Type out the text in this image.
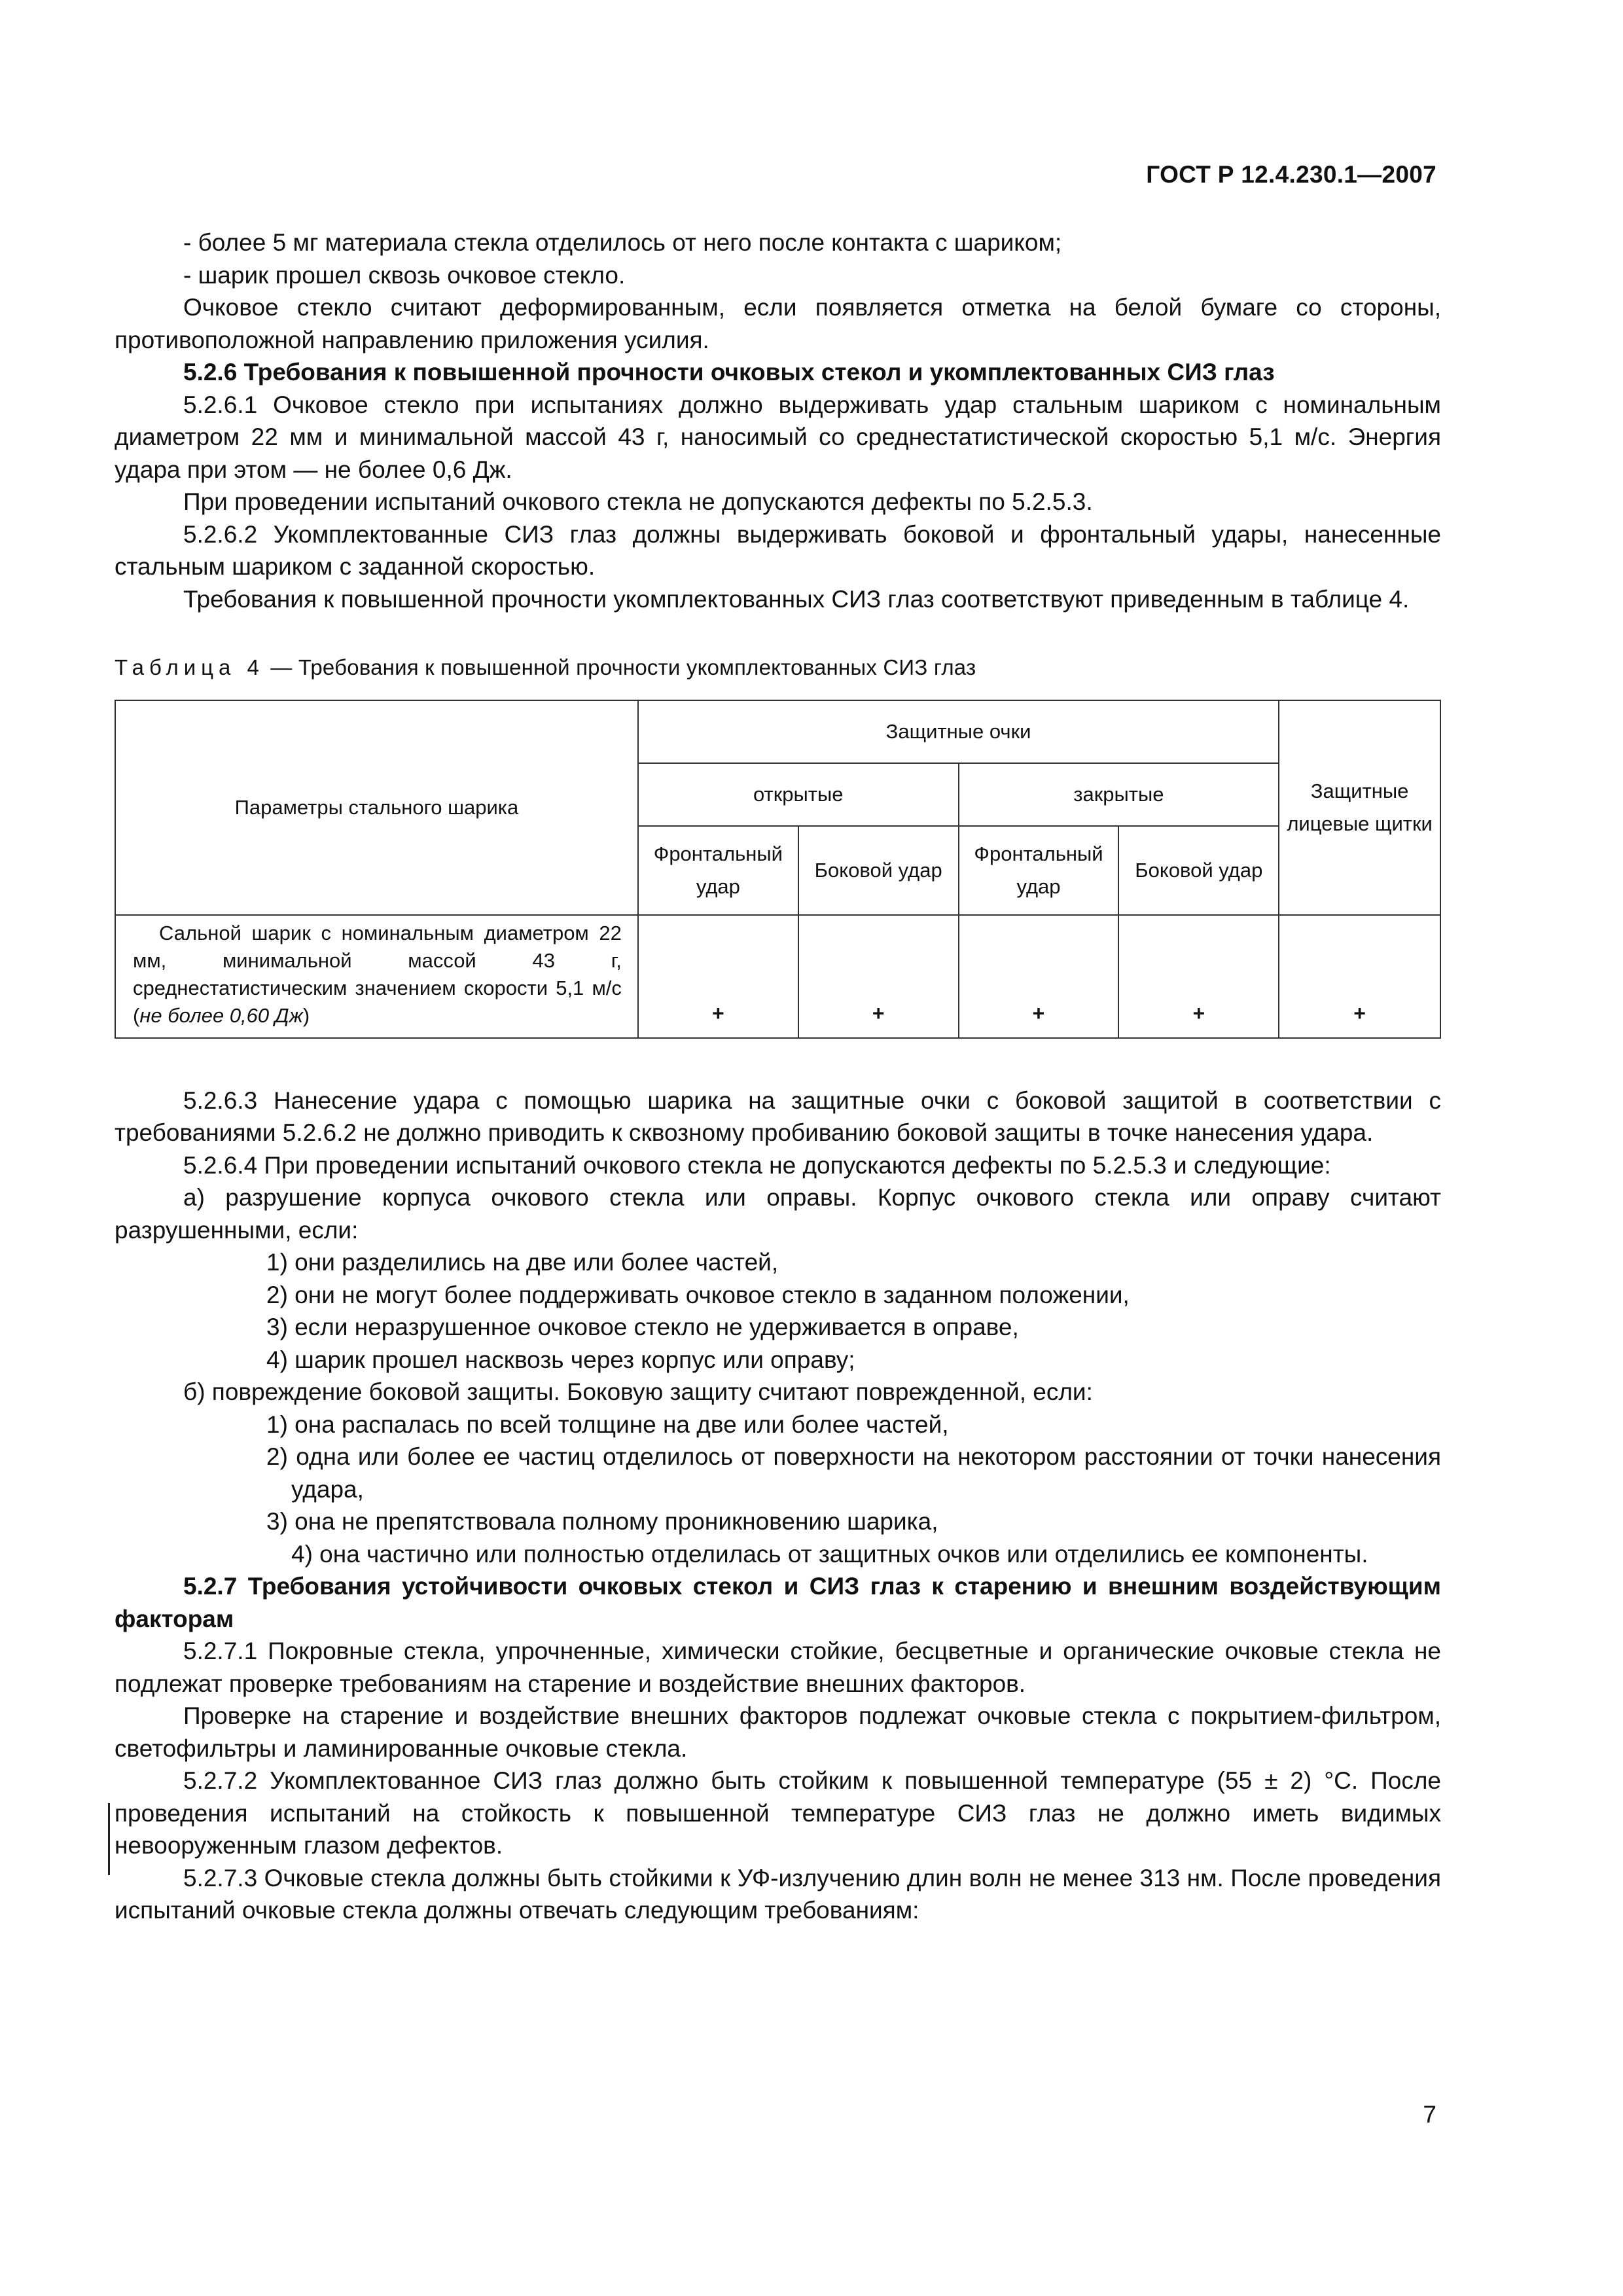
ГОСТ Р 12.4.230.1—2007

- более 5 мг материала стекла отделилось от него после контакта с шариком;

- шарик прошел сквозь очковое стекло.

Очковое стекло считают деформированным, если появляется отметка на белой бумаге со стороны, противоположной направлению приложения усилия.

5.2.6 Требования к повышенной прочности очковых стекол и укомплектованных СИЗ глаз

5.2.6.1 Очковое стекло при испытаниях должно выдерживать удар стальным шариком с номинальным диаметром 22 мм и минимальной массой 43 г, наносимый со среднестатистической скоростью 5,1 м/с. Энергия удара при этом — не более 0,6 Дж.

При проведении испытаний очкового стекла не допускаются дефекты по 5.2.5.3.

5.2.6.2 Укомплектованные СИЗ глаз должны выдерживать боковой и фронтальный удары, нанесенные стальным шариком с заданной скоростью.

Требования к повышенной прочности укомплектованных СИЗ глаз соответствуют приведенным в таблице 4.

Таблица 4 — Требования к повышенной прочности укомплектованных СИЗ глаз

Параметры стального шарика	Защитные очки				Защитные лицевые щитки
	открытые		закрытые		
	Фронтальный удар	Боковой удар	Фронтальный удар	Боковой удар	
Сальной шарик с номинальным диаметром 22 мм, минимальной массой 43 г, среднестатистическим значением скорости 5,1 м/с (не более 0,60 Дж)	+	+	+	+	+

5.2.6.3 Нанесение удара с помощью шарика на защитные очки с боковой защитой в соответствии с требованиями 5.2.6.2 не должно приводить к сквозному пробиванию боковой защиты в точке нанесения удара.

5.2.6.4 При проведении испытаний очкового стекла не допускаются дефекты по 5.2.5.3 и следующие:

а) разрушение корпуса очкового стекла или оправы. Корпус очкового стекла или оправу считают разрушенными, если:

1) они разделились на две или более частей,

2) они не могут более поддерживать очковое стекло в заданном положении,

3) если неразрушенное очковое стекло не удерживается в оправе,

4) шарик прошел насквозь через корпус или оправу;

б) повреждение боковой защиты. Боковую защиту считают поврежденной, если:

1) она распалась по всей толщине на две или более частей,

2) одна или более ее частиц отделилось от поверхности на некотором расстоянии от точки нанесения удара,

3) она не препятствовала полному проникновению шарика,

4) она частично или полностью отделилась от защитных очков или отделились ее компоненты.

5.2.7 Требования устойчивости очковых стекол и СИЗ глаз к старению и внешним воздействующим факторам

5.2.7.1 Покровные стекла, упрочненные, химически стойкие, бесцветные и органические очковые стекла не подлежат проверке требованиям на старение и воздействие внешних факторов.

Проверке на старение и воздействие внешних факторов подлежат очковые стекла с покрытием-фильтром, светофильтры и ламинированные очковые стекла.

5.2.7.2 Укомплектованное СИЗ глаз должно быть стойким к повышенной температуре (55 ± 2) °С. После проведения испытаний на стойкость к повышенной температуре СИЗ глаз не должно иметь видимых невооруженным глазом дефектов.

5.2.7.3 Очковые стекла должны быть стойкими к УФ-излучению длин волн не менее 313 нм. После проведения испытаний очковые стекла должны отвечать следующим требованиям:

7
